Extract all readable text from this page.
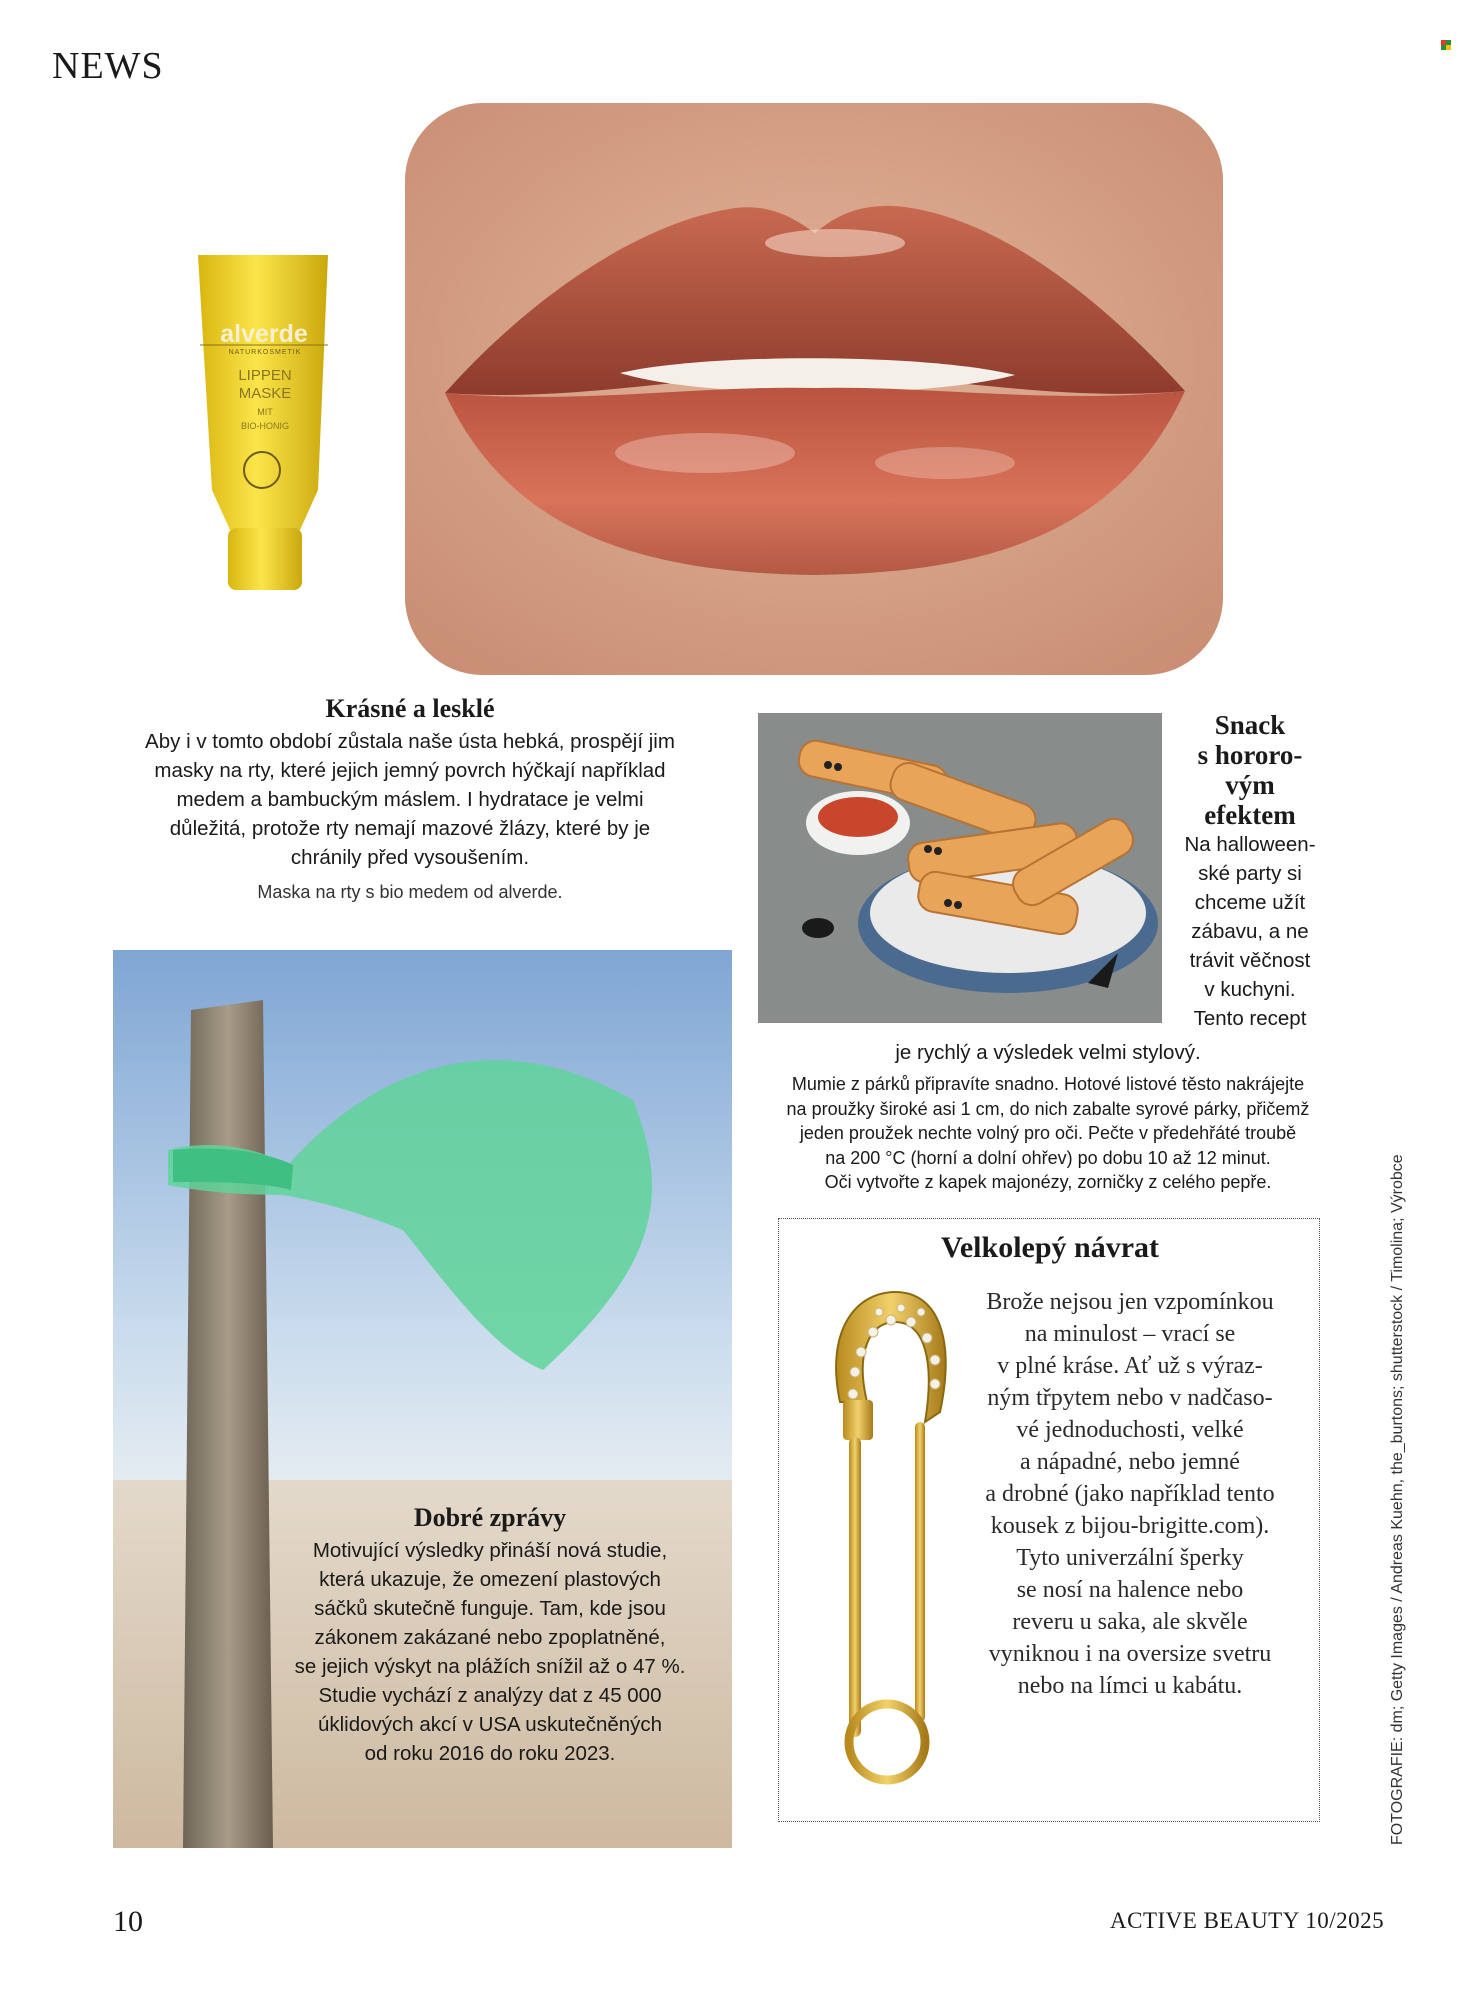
NEWS
alverde
NATURKOSMETIK
LIPPEN
MASKE
MIT
BIO-HONIG
Krásné a lesklé
Aby i v tomto období zůstala naše ústa hebká, prospějí jim
masky na rty, které jejich jemný povrch hýčkají například
medem a bambuckým máslem. I hydratace je velmi
důležitá, protože rty nemají mazové žlázy, které by je
chránily před vysoušením.
Maska na rty s bio medem od alverde.
Snack
s hororo-
vým
efektem
Na halloween-
ské party si
chceme užít
zábavu, a ne
trávit věčnost
v kuchyni.
Tento recept
je rychlý a výsledek velmi stylový.
Mumie z párků připravíte snadno. Hotové listové těsto nakrájejte
na proužky široké asi 1 cm, do nich zabalte syrové párky, přičemž
jeden proužek nechte volný pro oči. Pečte v předehřáté troubě
na 200 °C (horní a dolní ohřev) po dobu 10 až 12 minut.
Oči vytvořte z kapek majonézy, zorničky z celého pepře.
Dobré zprávy
Motivující výsledky přináší nová studie,
která ukazuje, že omezení plastových
sáčků skutečně funguje. Tam, kde jsou
zákonem zakázané nebo zpoplatněné,
se jejich výskyt na plážích snížil až o 47 %.
Studie vychází z analýzy dat z 45 000
úklidových akcí v USA uskutečněných
od roku 2016 do roku 2023.
Velkolepý návrat
Brože nejsou jen vzpomínkou
na minulost – vrací se
v plné kráse. Ať už s výraz-
ným třpytem nebo v nadčaso-
vé jednoduchosti, velké
a nápadné, nebo jemné
a drobné (jako například tento
kousek z bijou-brigitte.com).
Tyto univerzální šperky
se nosí na halence nebo
reveru u saka, ale skvěle
vyniknou i na oversize svetru
nebo na límci u kabátu.	FOTOGRAFIE: dm; Getty Images / Andreas Kuehn, the_burtons; shutterstock / Timolina; Výrobce
10	ACTIVE BEAUTY 10/2025
